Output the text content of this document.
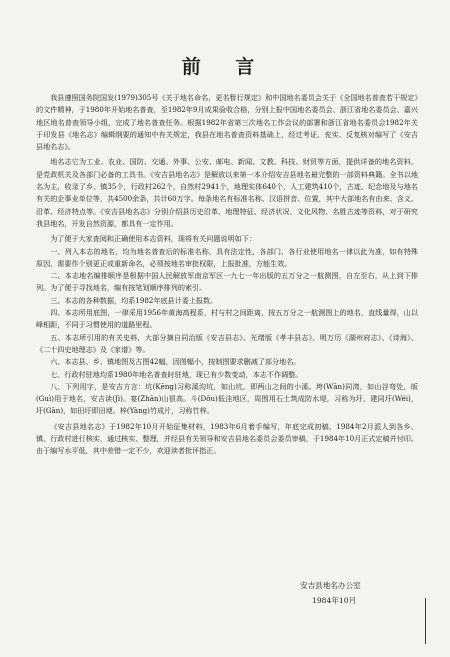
前 言

我县遵照国务院国发(1979)305号《关于地名命名，更名暂行规定》和中国地名委员会关于《全国地名普查若干规定》的文件精神，于1980年开始地名普查，至1982年9月成果验收合格，分别上报中国地名委员会、浙江省地名委员会、嘉兴地区地名普查领导小组，完成了地名普查任务。根据1982年省第三次地名工作会议的部署和浙江省地名委员会1982年关于印发县《地名志》编辑纲要的通知中有关规定，我县在地名普查资料基础上，经过考证、充实、反复核对编写了《安吉县地名志》。

地名志它为工业、农业、国防、交通、外事、公安、邮电、新闻、文教、科技、财贸等方面，提供详备的地名资料，是党政机关及各部门必备的工具书。《安吉县地名志》是解放以来第一本介绍安吉县地名最完整的一部资料典籍。全书以地名为主，收录了乡、镇35个，行政村262个，自然村2941个，地理实体640个，人工建筑410个，古迹、纪念地及与地名有关的企事业单位等，共4500余条，共计60万字。每条地名有标准名称、汉语拼音、位置，其中大部地名有由来、含义、沿革、经济特点等。《安吉县地名志》分别介绍县历史沿革、地理特征、经济状况、文化风物、名胜古迹等资料，对于研究我县地名，开发自然资源，都具有一定作用。

为了便于大家查阅和正确使用本志资料，现将有关问题说明如下：

一、列入本志的地名，均为地名普查后的标准名称，具有法定性，各部门、各行业使用地名一律以此为准，如有特殊原因，需要作个别更正或重新命名，必须按地名审批权限，上报批准，方能生效。

二、本志地名编排顺序是根据中国人民解放军南京军区一九七一年出版的五万分之一航测图，自左至右，从上到下排列。为了便于寻找地名，编有按笔划顺序排列的索引。

三、本志的各种数据，均系1982年底县计委上报数。

四、本志所用底图，一律采用1956年黄海高程系，村与村之间距离，按五万分之一航测图上的地名，直线量得，山以峰相距，不同于习惯使用的道路里程。

五、本志所引用的有关史料，大部分摘自同治版《安吉县志》、光绪版《孝丰县志》、明万历《湖州府志》、《诗海》、《二十四史地理志》及《家谱》等。

六、本志县、乡、镇地图及古图42幅，因图幅小，按制图要求删减了部分地名。

七、行政村驻地均系1980年地名普查时驻地，现已有少数变动，本志不作调整。

八、下列用字，是安吉方言：坑(Kēng)习称溪沟坑，如山坑，即两山之间的小溪。垮(Wān)同湾，如山谷弯处，皈(Guì)用于地名，安吉读(Jì)。宴(Zhān)山很高。斗(Dǒu)低洼地区，周围用石土筑成防水堤，习称为圩，建同圩(Wéi)，圩(Gān)，如田圩即田埂。梓(Yàng)竹成片，习称竹梓。

《安吉县地名志》于1982年10月开始征集材料，1983年6月着手编写，年底完成初稿，1984年2月派人到各乡、镇、行政村进行核实，通过核实、整理，并经县有关领导和安吉县地名委员会委员审稿，于1984年10月正式定稿并付印。由于编写水平低，其中差错一定不少，欢迎读者批评指正。

安吉县地名办公室
1984年10月
